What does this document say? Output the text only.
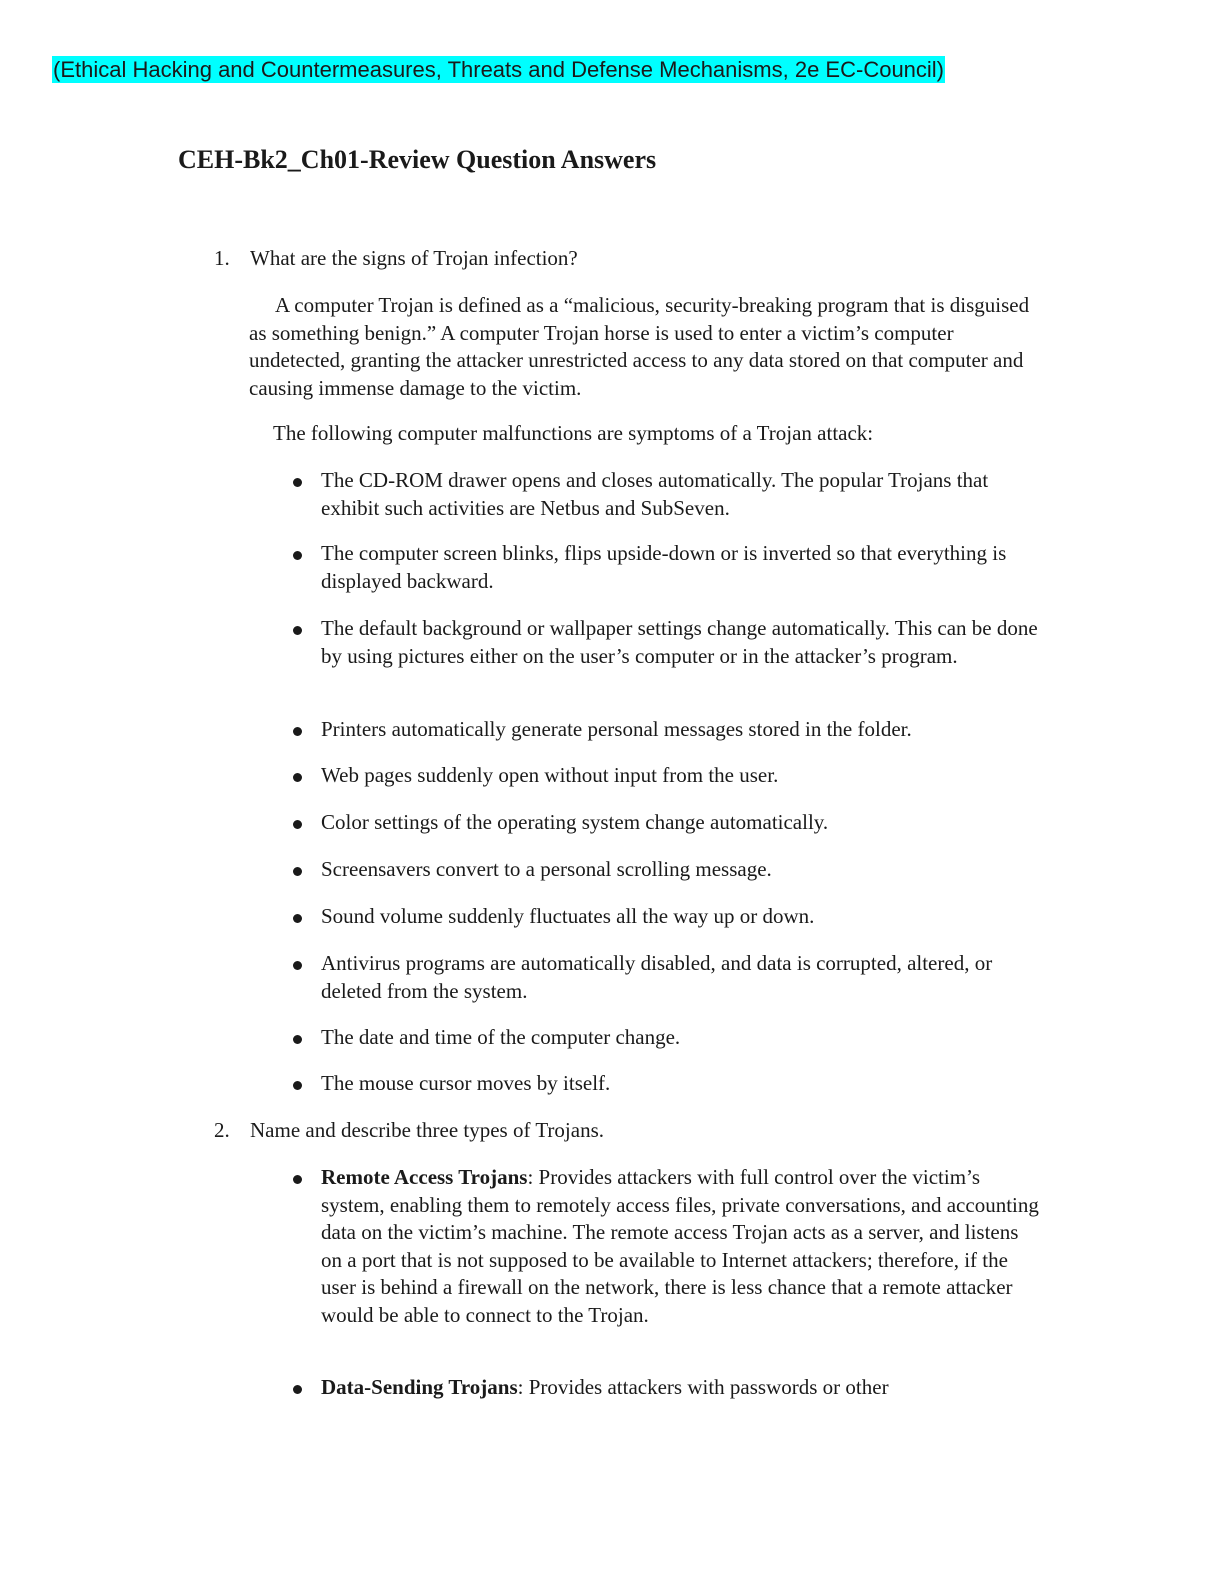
(Ethical Hacking and Countermeasures, Threats and Defense Mechanisms, 2e EC-Council)
CEH-Bk2_Ch01-Review Question Answers
1. What are the signs of Trojan infection?
A computer Trojan is defined as a “malicious, security-breaking program that is disguised as something benign.” A computer Trojan horse is used to enter a victim’s computer undetected, granting the attacker unrestricted access to any data stored on that computer and causing immense damage to the victim.
The following computer malfunctions are symptoms of a Trojan attack:
The CD-ROM drawer opens and closes automatically. The popular Trojans that exhibit such activities are Netbus and SubSeven.
The computer screen blinks, flips upside-down or is inverted so that everything is displayed backward.
The default background or wallpaper settings change automatically. This can be done by using pictures either on the user’s computer or in the attacker’s program.
Printers automatically generate personal messages stored in the folder.
Web pages suddenly open without input from the user.
Color settings of the operating system change automatically.
Screensavers convert to a personal scrolling message.
Sound volume suddenly fluctuates all the way up or down.
Antivirus programs are automatically disabled, and data is corrupted, altered, or deleted from the system.
The date and time of the computer change.
The mouse cursor moves by itself.
2. Name and describe three types of Trojans.
Remote Access Trojans: Provides attackers with full control over the victim’s system, enabling them to remotely access files, private conversations, and accounting data on the victim’s machine. The remote access Trojan acts as a server, and listens on a port that is not supposed to be available to Internet attackers; therefore, if the user is behind a firewall on the network, there is less chance that a remote attacker would be able to connect to the Trojan.
Data-Sending Trojans: Provides attackers with passwords or other
